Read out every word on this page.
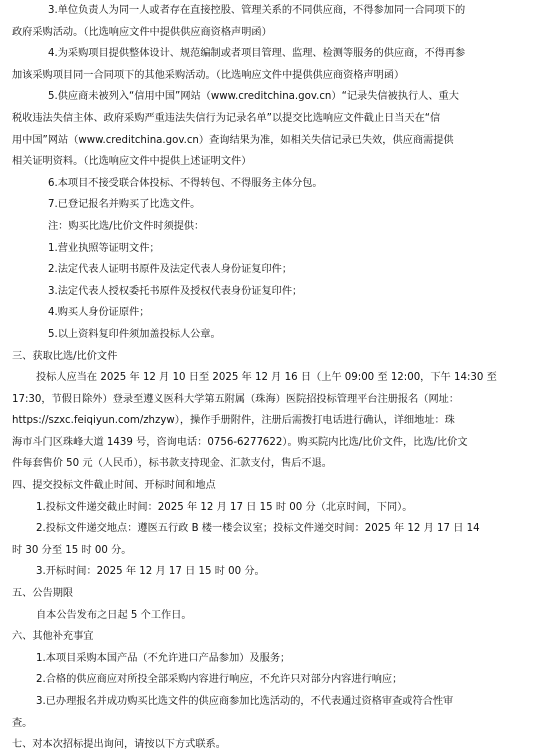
3.单位负责人为同一人或者存在直接控股、管理关系的不同供应商，不得参加同一合同项下的
政府采购活动。（比选响应文件中提供供应商资格声明函）
4.为采购项目提供整体设计、规范编制或者项目管理、监理、检测等服务的供应商，不得再参
加该采购项目同一合同项下的其他采购活动。（比选响应文件中提供供应商资格声明函）
5.供应商未被列入“信用中国”网站（www.creditchina.gov.cn）“记录失信被执行人、重大
税收违法失信主体、政府采购严重违法失信行为记录名单”以提交比选响应文件截止日当天在“信
用中国”网站（www.creditchina.gov.cn）查询结果为准，如相关失信记录已失效，供应商需提供
相关证明资料。（比选响应文件中提供上述证明文件）
6.本项目不接受联合体投标、不得转包、不得服务主体分包。
7.已登记报名并购买了比选文件。
注：购买比选/比价文件时须提供：
1.营业执照等证明文件；
2.法定代表人证明书原件及法定代表人身份证复印件；
3.法定代表人授权委托书原件及授权代表身份证复印件；
4.购买人身份证原件；
5.以上资料复印件须加盖投标人公章。
三、获取比选/比价文件
投标人应当在 2025 年 12 月 10 日至 2025 年 12 月 16 日（上午 09:00 至 12:00，下午 14:30 至
17:30，节假日除外）登录至遵义医科大学第五附属（珠海）医院招投标管理平台注册报名（网址：
https://szxc.feiqiyun.com/zhzyw），操作手册附件，注册后需拨打电话进行确认，详细地址：珠
海市斗门区珠峰大道 1439 号，咨询电话：0756-6277622）。购买院内比选/比价文件，比选/比价文
件每套售价 50 元（人民币），标书款支持现金、汇款支付，售后不退。
四、提交投标文件截止时间、开标时间和地点
1.投标文件递交截止时间：2025 年 12 月 17 日 15 时 00 分（北京时间，下同）。
2.投标文件递交地点：遵医五行政 B 楼一楼会议室；投标文件递交时间：2025 年 12 月 17 日 14
时 30 分至 15 时 00 分。
3.开标时间：2025 年 12 月 17 日 15 时 00 分。
五、公告期限
自本公告发布之日起 5 个工作日。
六、其他补充事宜
1.本项目采购本国产品（不允许进口产品参加）及服务；
2.合格的供应商应对所投全部采购内容进行响应，不允许只对部分内容进行响应；
3.已办理报名并成功购买比选文件的供应商参加比选活动的，不代表通过资格审查或符合性审
查。
七、对本次招标提出询问，请按以下方式联系。
